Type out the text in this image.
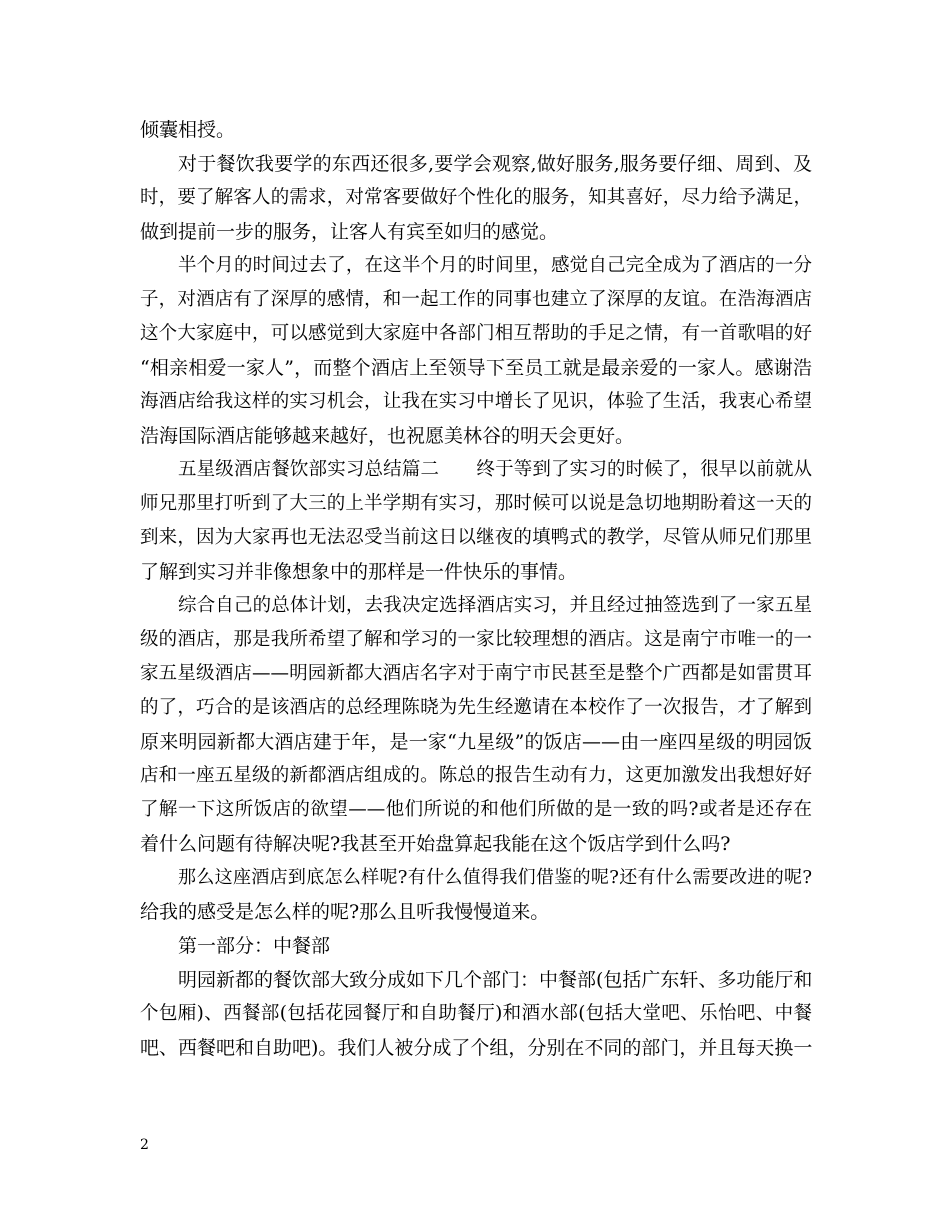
倾囊相授。
对于餐饮我要学的东西还很多,要学会观察,做好服务,服务要仔细、周到、及
时，要了解客人的需求，对常客要做好个性化的服务，知其喜好，尽力给予满足，
做到提前一步的服务，让客人有宾至如归的感觉。
半个月的时间过去了，在这半个月的时间里，感觉自己完全成为了酒店的一分
子，对酒店有了深厚的感情，和一起工作的同事也建立了深厚的友谊。在浩海酒店
这个大家庭中，可以感觉到大家庭中各部门相互帮助的手足之情，有一首歌唱的好
“相亲相爱一家人”，而整个酒店上至领导下至员工就是最亲爱的一家人。感谢浩
海酒店给我这样的实习机会，让我在实习中增长了见识，体验了生活，我衷心希望
浩海国际酒店能够越来越好，也祝愿美林谷的明天会更好。
五星级酒店餐饮部实习总结篇二　　终于等到了实习的时候了，很早以前就从
师兄那里打听到了大三的上半学期有实习，那时候可以说是急切地期盼着这一天的
到来，因为大家再也无法忍受当前这日以继夜的填鸭式的教学，尽管从师兄们那里
了解到实习并非像想象中的那样是一件快乐的事情。
综合自己的总体计划，去我决定选择酒店实习，并且经过抽签选到了一家五星
级的酒店，那是我所希望了解和学习的一家比较理想的酒店。这是南宁市唯一的一
家五星级酒店——明园新都大酒店名字对于南宁市民甚至是整个广西都是如雷贯耳
的了，巧合的是该酒店的总经理陈晓为先生经邀请在本校作了一次报告，才了解到
原来明园新都大酒店建于年，是一家“九星级”的饭店——由一座四星级的明园饭
店和一座五星级的新都酒店组成的。陈总的报告生动有力，这更加激发出我想好好
了解一下这所饭店的欲望——他们所说的和他们所做的是一致的吗?或者是还存在
着什么问题有待解决呢?我甚至开始盘算起我能在这个饭店学到什么吗?
那么这座酒店到底怎么样呢?有什么值得我们借鉴的呢?还有什么需要改进的呢?
给我的感受是怎么样的呢?那么且听我慢慢道来。
第一部分：中餐部
明园新都的餐饮部大致分成如下几个部门：中餐部(包括广东轩、多功能厅和
个包厢)、西餐部(包括花园餐厅和自助餐厅)和酒水部(包括大堂吧、乐怡吧、中餐
吧、西餐吧和自助吧)。我们人被分成了个组，分别在不同的部门，并且每天换一
2
